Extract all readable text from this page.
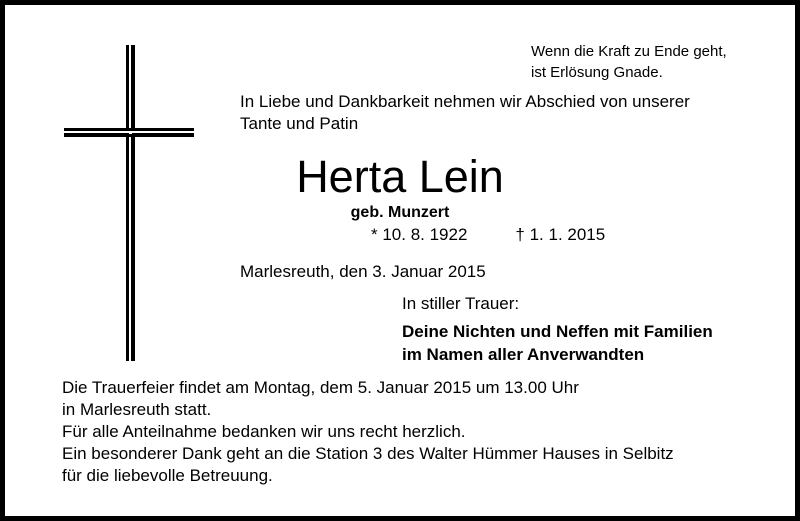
Wenn die Kraft zu Ende geht,
ist Erlösung Gnade.
In Liebe und Dankbarkeit nehmen wir Abschied von unserer
Tante und Patin
Herta Lein
geb. Munzert
* 10. 8. 1922	† 1. 1. 2015
Marlesreuth, den 3. Januar 2015
In stiller Trauer:
Deine Nichten und Neffen mit Familien
im Namen aller Anverwandten
Die Trauerfeier findet am Montag, dem 5. Januar 2015 um 13.00 Uhr
in Marlesreuth statt.
Für alle Anteilnahme bedanken wir uns recht herzlich.
Ein besonderer Dank geht an die Station 3 des Walter Hümmer Hauses in Selbitz
für die liebevolle Betreuung.
